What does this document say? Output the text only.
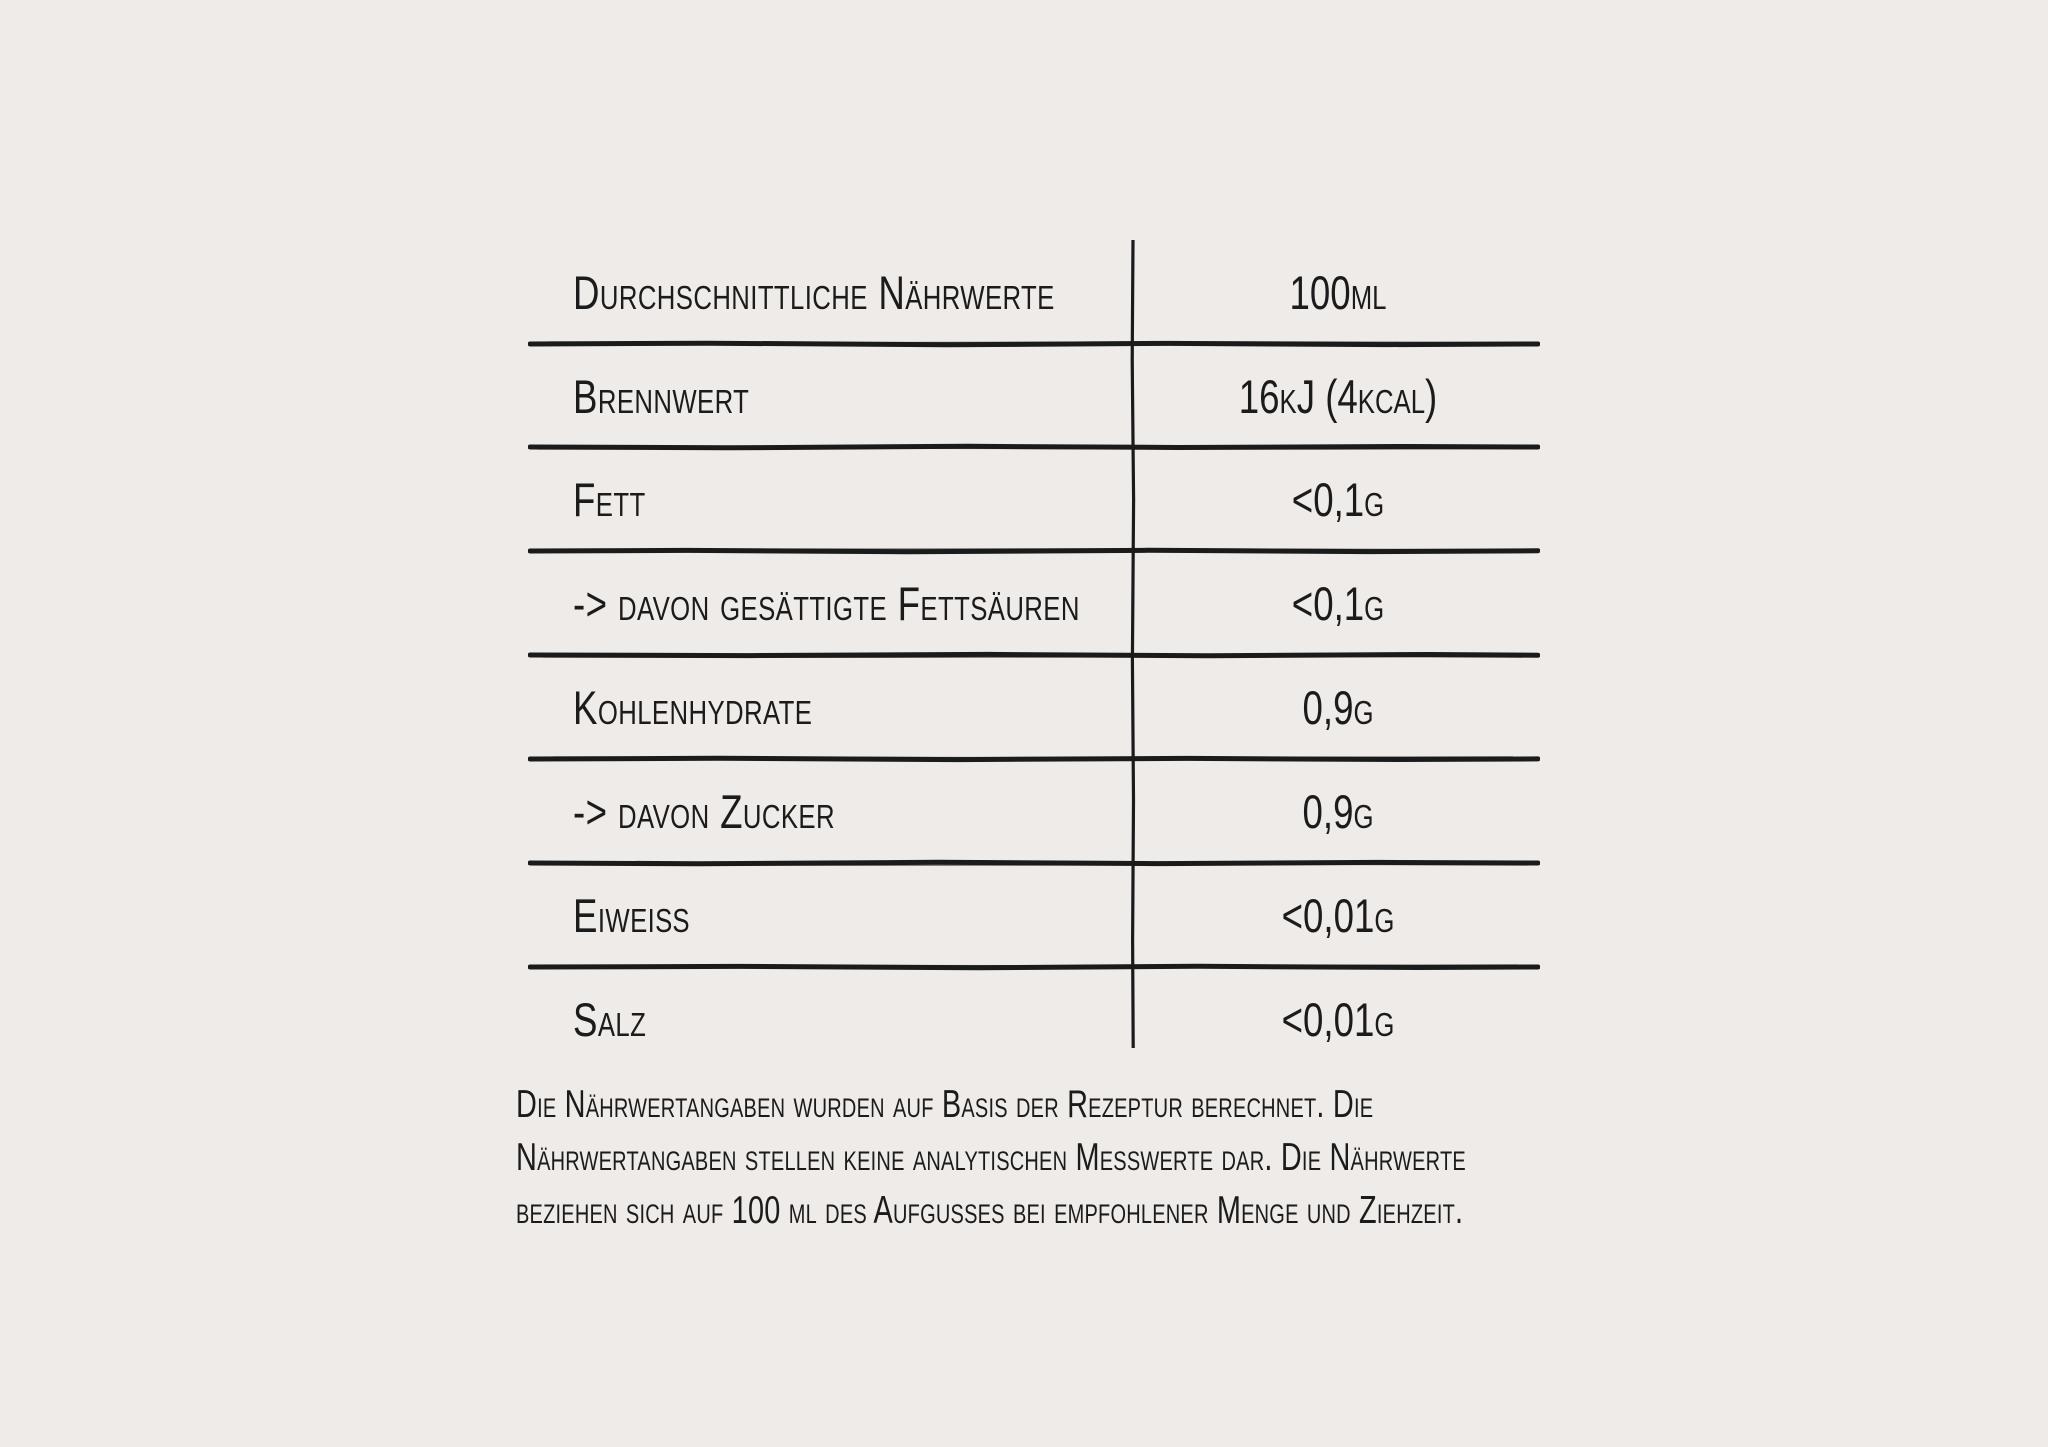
Durchschnittliche Nährwerte	100ml
Brennwert	16kJ (4kcal)
Fett	<0,1g
-> davon gesättigte Fettsäuren	<0,1g
Kohlenhydrate	0,9g
-> davon Zucker	0,9g
Eiweiß	<0,01g
Salz	<0,01g
Die Nährwertangaben wurden auf Basis der Rezeptur berechnet. Die Nährwertangaben stellen keine analytischen Messwerte dar. Die Nährwerte beziehen sich auf 100 ml des Aufgusses bei empfohlener Menge und Ziehzeit.
